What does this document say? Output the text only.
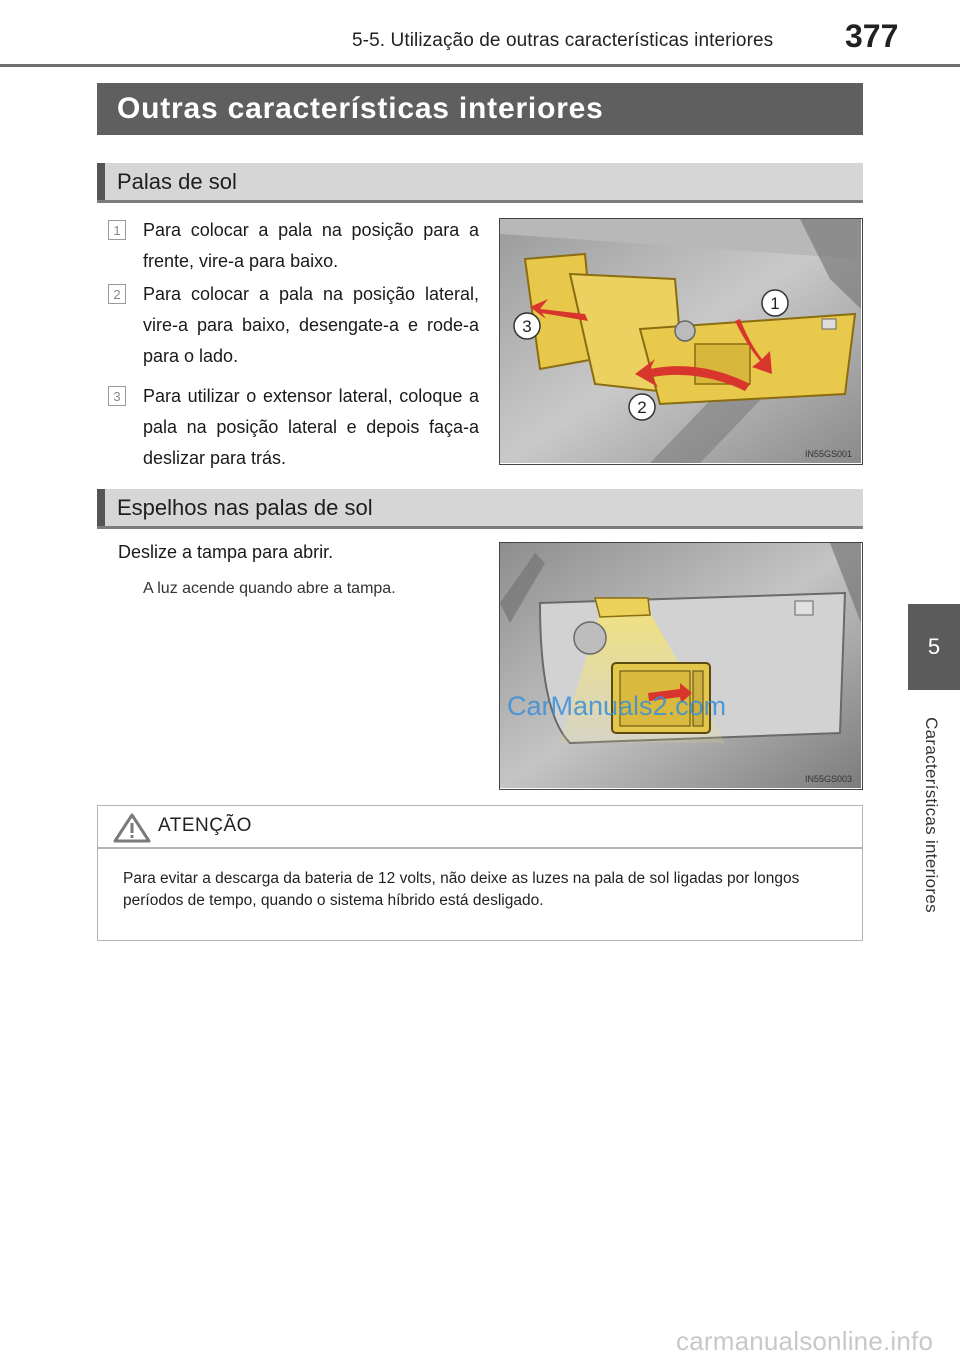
5-5. Utilização de outras características interiores 377
5
Características interiores
Outras características interiores
Palas de sol
1 Para colocar a pala na posição para a frente, vire-a para baixo.
2 Para colocar a pala na posição lateral, vire-a para baixo, desengate-a e rode-a para o lado.
3 Para utilizar o extensor lateral, coloque a pala na posição lateral e depois faça-a deslizar para trás.
1
2
3
IN55GS001
Espelhos nas palas de sol
Deslize a tampa para abrir.
A luz acende quando abre a tampa.
CarManuals2.com
IN55GS003
ATENÇÃO
Para evitar a descarga da bateria de 12 volts, não deixe as luzes na pala de sol ligadas por longos períodos de tempo, quando o sistema híbrido está desligado.
carmanualsonline.info
